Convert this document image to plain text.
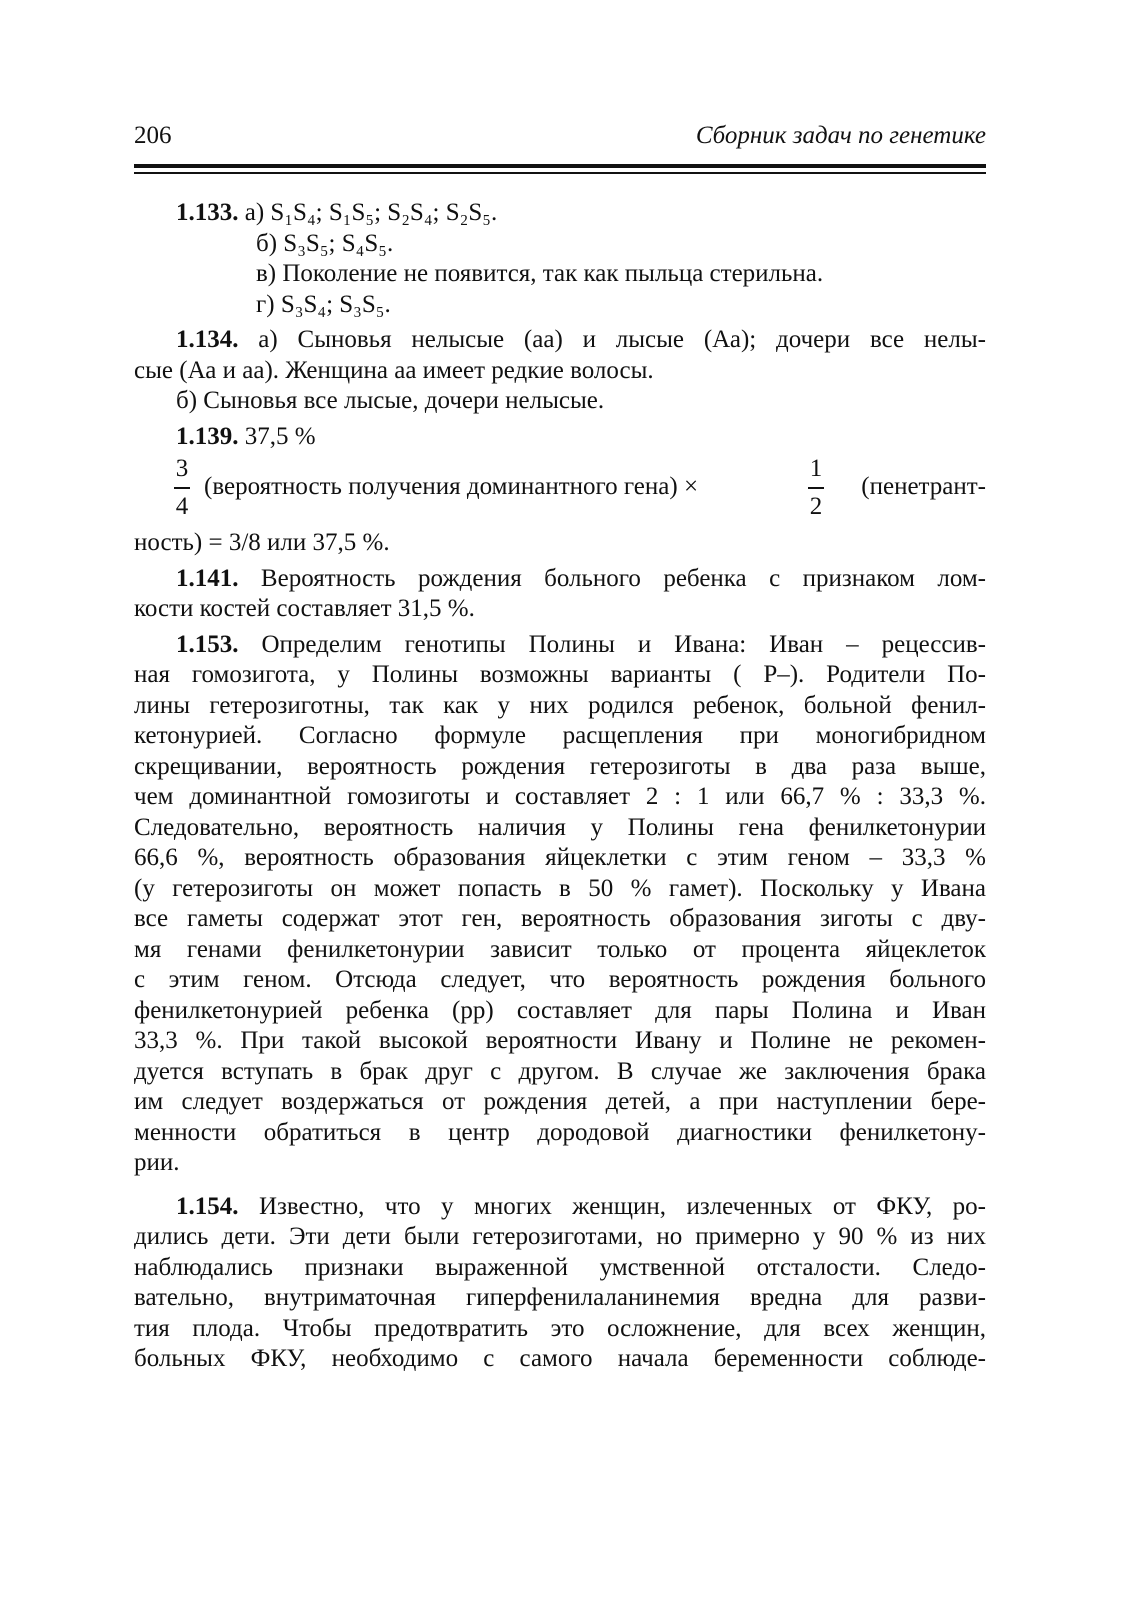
206	Сборник задач по генетике
1.133. а) S₁S₄; S₁S₅; S₂S₄; S₂S₅.
б) S₃S₅; S₄S₅.
в) Поколение не появится, так как пыльца стерильна.
г) S₃S₄; S₃S₅.
1.134. а) Сыновья нелысые (аа) и лысые (Аа); дочери все нелы-
сые (Аа и аа). Женщина аа имеет редкие волосы.
б) Сыновья все лысые, дочери нелысые.
1.139. 37,5 %
3
4
(вероятность получения доминантного гена) ×
1
2
(пенетрант-
ность) = 3/8 или 37,5 %.
1.141. Вероятность рождения больного ребенка с признаком лом-
кости костей составляет 31,5 %.
1.153. Определим генотипы Полины и Ивана: Иван – рецессив-
ная гомозигота, у Полины возможны варианты ( Р–). Родители По-
лины гетерозиготны, так как у них родился ребенок, больной фенил-
кетонурией. Согласно формуле расщепления при моногибридном
скрещивании, вероятность рождения гетерозиготы в два раза выше,
чем доминантной гомозиготы и составляет 2 : 1 или 66,7 % : 33,3 %.
Следовательно, вероятность наличия у Полины гена фенилкетонурии
66,6 %, вероятность образования яйцеклетки с этим геном – 33,3 %
(у гетерозиготы он может попасть в 50 % гамет). Поскольку у Ивана
все гаметы содержат этот ген, вероятность образования зиготы с дву-
мя генами фенилкетонурии зависит только от процента яйцеклеток
с этим геном. Отсюда следует, что вероятность рождения больного
фенилкетонурией ребенка (рр) составляет для пары Полина и Иван
33,3 %. При такой высокой вероятности Ивану и Полине не рекомен-
дуется вступать в брак друг с другом. В случае же заключения брака
им следует воздержаться от рождения детей, а при наступлении бере-
менности обратиться в центр дородовой диагностики фенилкетону-
рии.
1.154. Известно, что у многих женщин, излеченных от ФКУ, ро-
дились дети. Эти дети были гетерозиготами, но примерно у 90 % из них
наблюдались признаки выраженной умственной отсталости. Следо-
вательно, внутриматочная гиперфенилаланинемия вредна для разви-
тия плода. Чтобы предотвратить это осложнение, для всех женщин,
больных ФКУ, необходимо с самого начала беременности соблюде-
